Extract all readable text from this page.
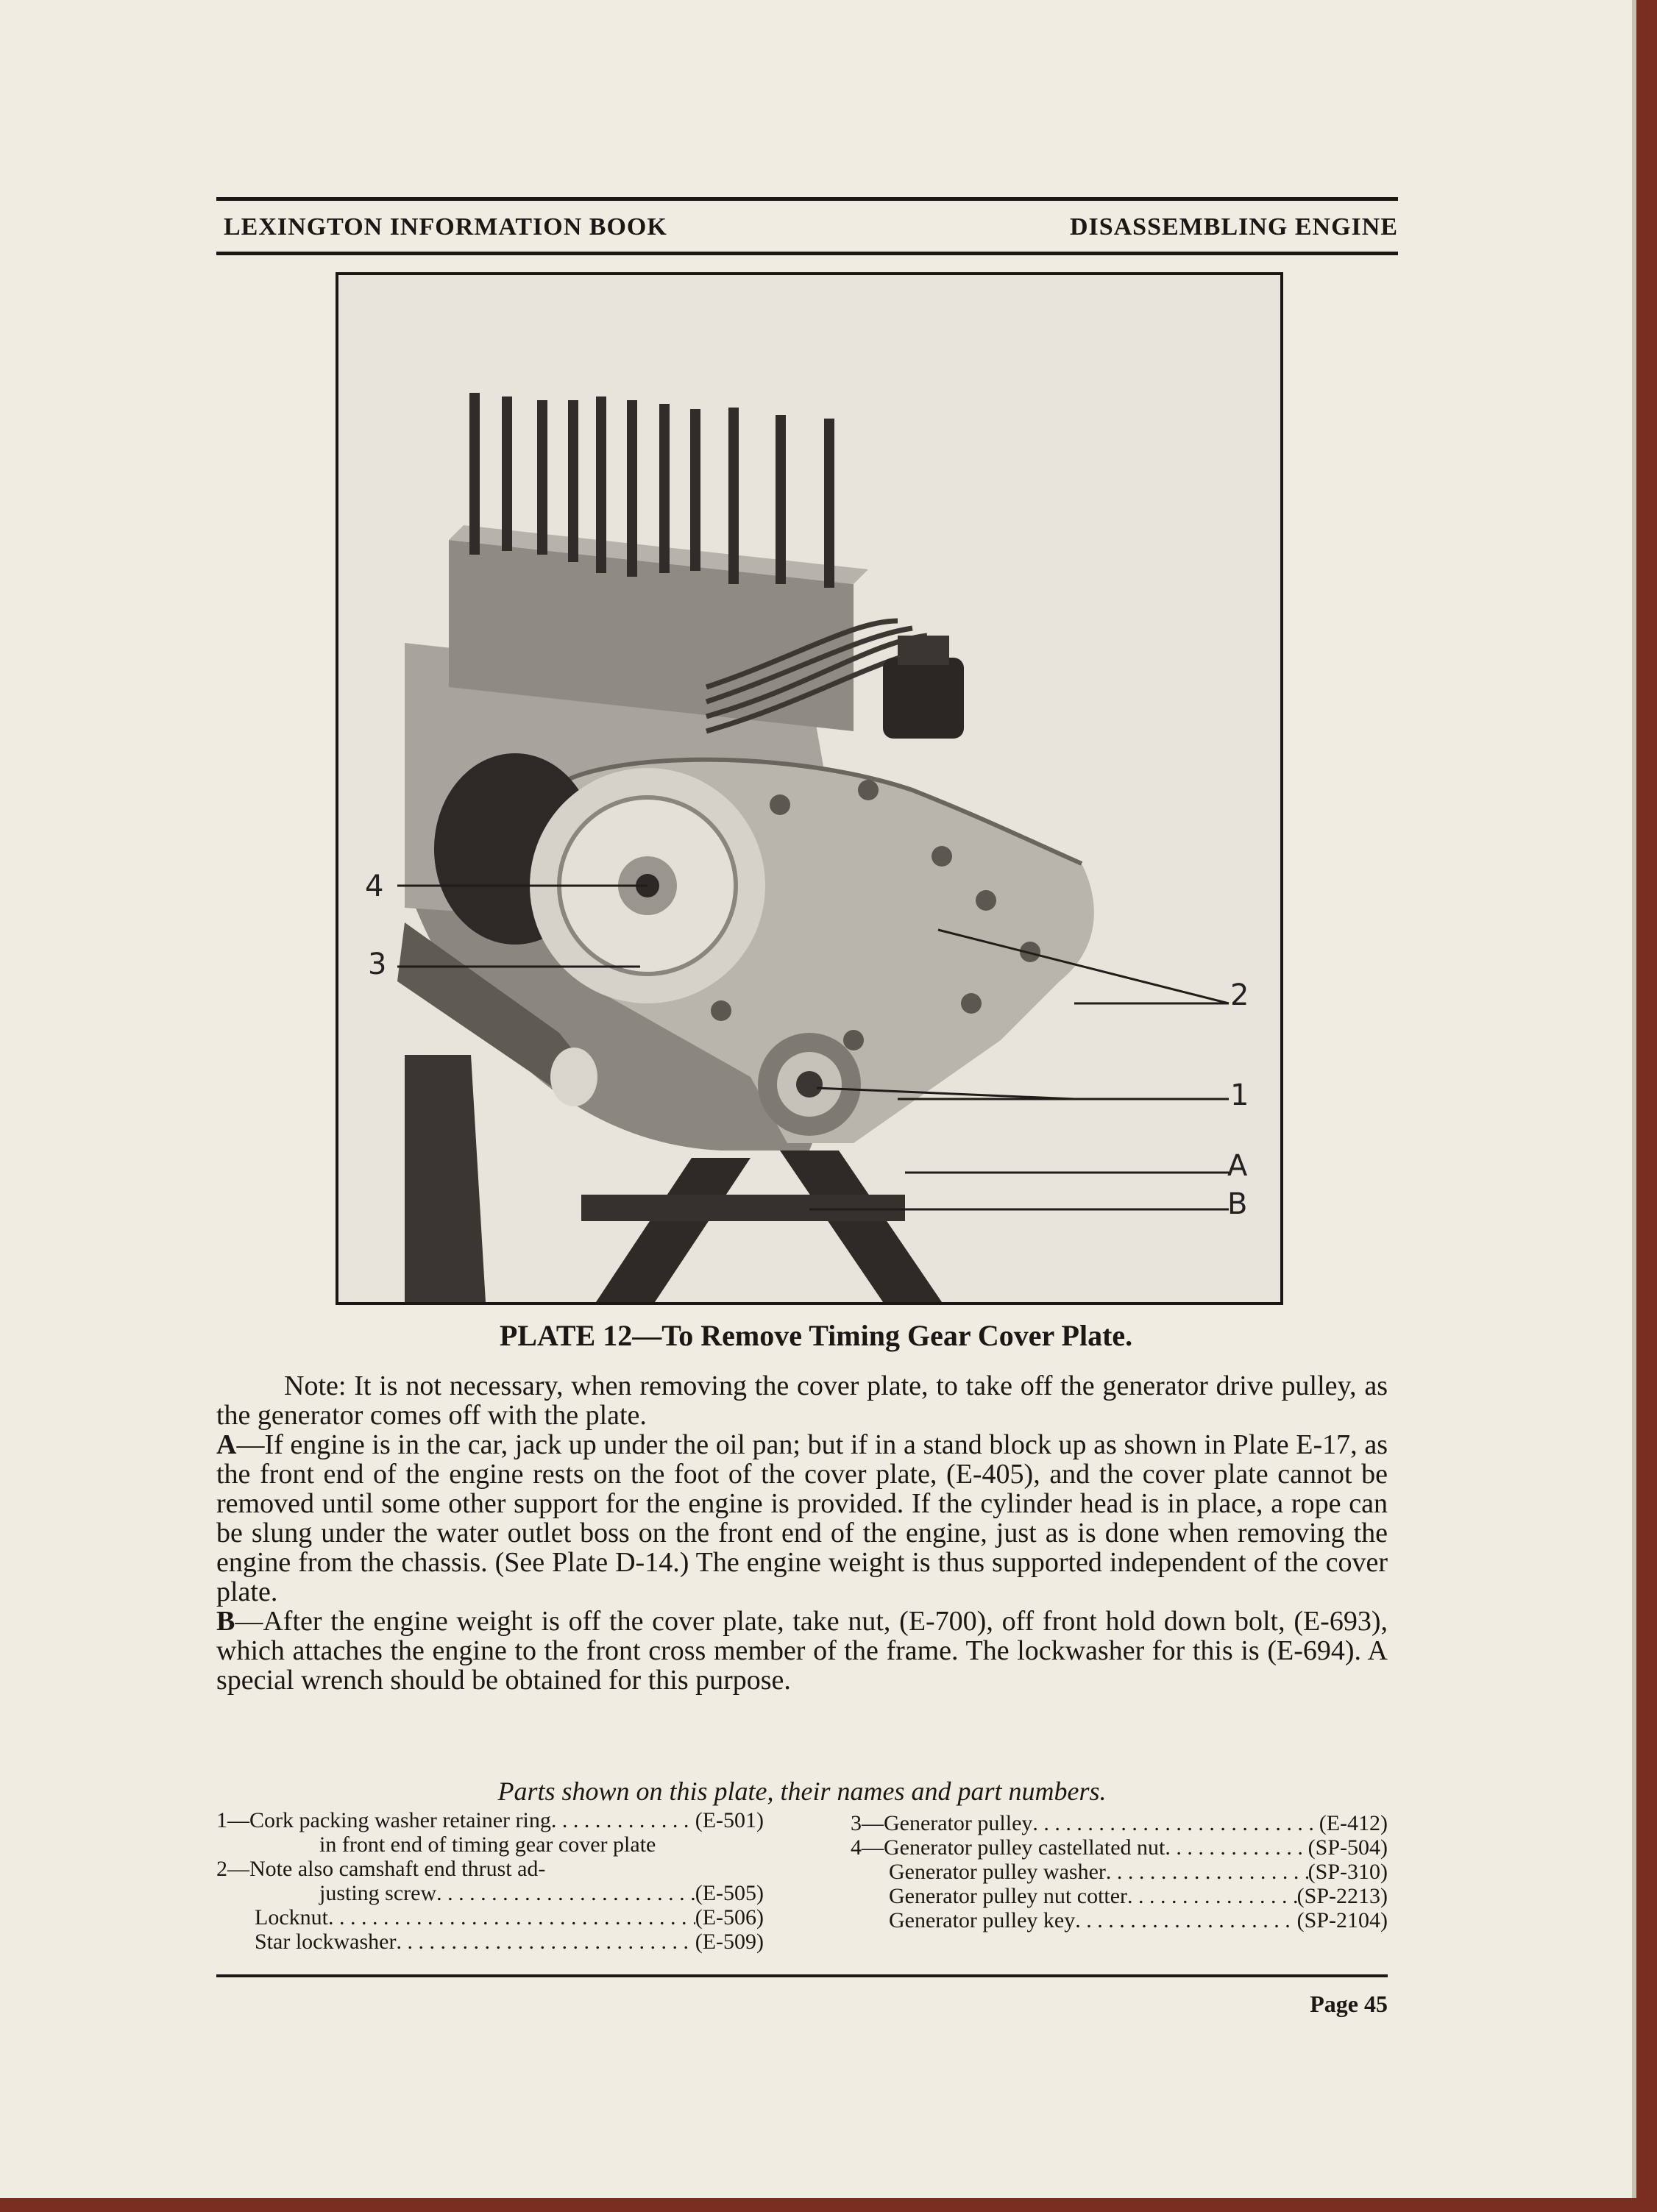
LEXINGTON INFORMATION BOOK	DISASSEMBLING ENGINE
4
3
2
1
A
B
PLATE 12—To Remove Timing Gear Cover Plate.

Note: It is not necessary, when removing the cover plate, to take off the generator drive pulley, as the generator comes off with the plate.

A—If engine is in the car, jack up under the oil pan; but if in a stand block up as shown in Plate E-17, as the front end of the engine rests on the foot of the cover plate, (E-405), and the cover plate cannot be removed until some other support for the engine is provided. If the cylinder head is in place, a rope can be slung under the water outlet boss on the front end of the engine, just as is done when removing the engine from the chassis. (See Plate D-14.) The engine weight is thus supported independent of the cover plate.

B—After the engine weight is off the cover plate, take nut, (E-700), off front hold down bolt, (E-693), which attaches the engine to the front cross member of the frame. The lockwasher for this is (E-694). A special wrench should be obtained for this purpose.

Parts shown on this plate, their names and part numbers.
1—Cork packing washer retainer ring . . .	(E-501)
in front end of timing gear cover plate
2—Note also camshaft end thrust ad-
justing screw . . .	(E-505)
Locknut . . .	(E-506)
Star lockwasher . . .	(E-509)
3—Generator pulley . . .	(E-412)
4—Generator pulley castellated nut . . .	(SP-504)
Generator pulley washer . . .	(SP-310)
Generator pulley nut cotter . . .	(SP-2213)
Generator pulley key . . .	(SP-2104)
Page 45
